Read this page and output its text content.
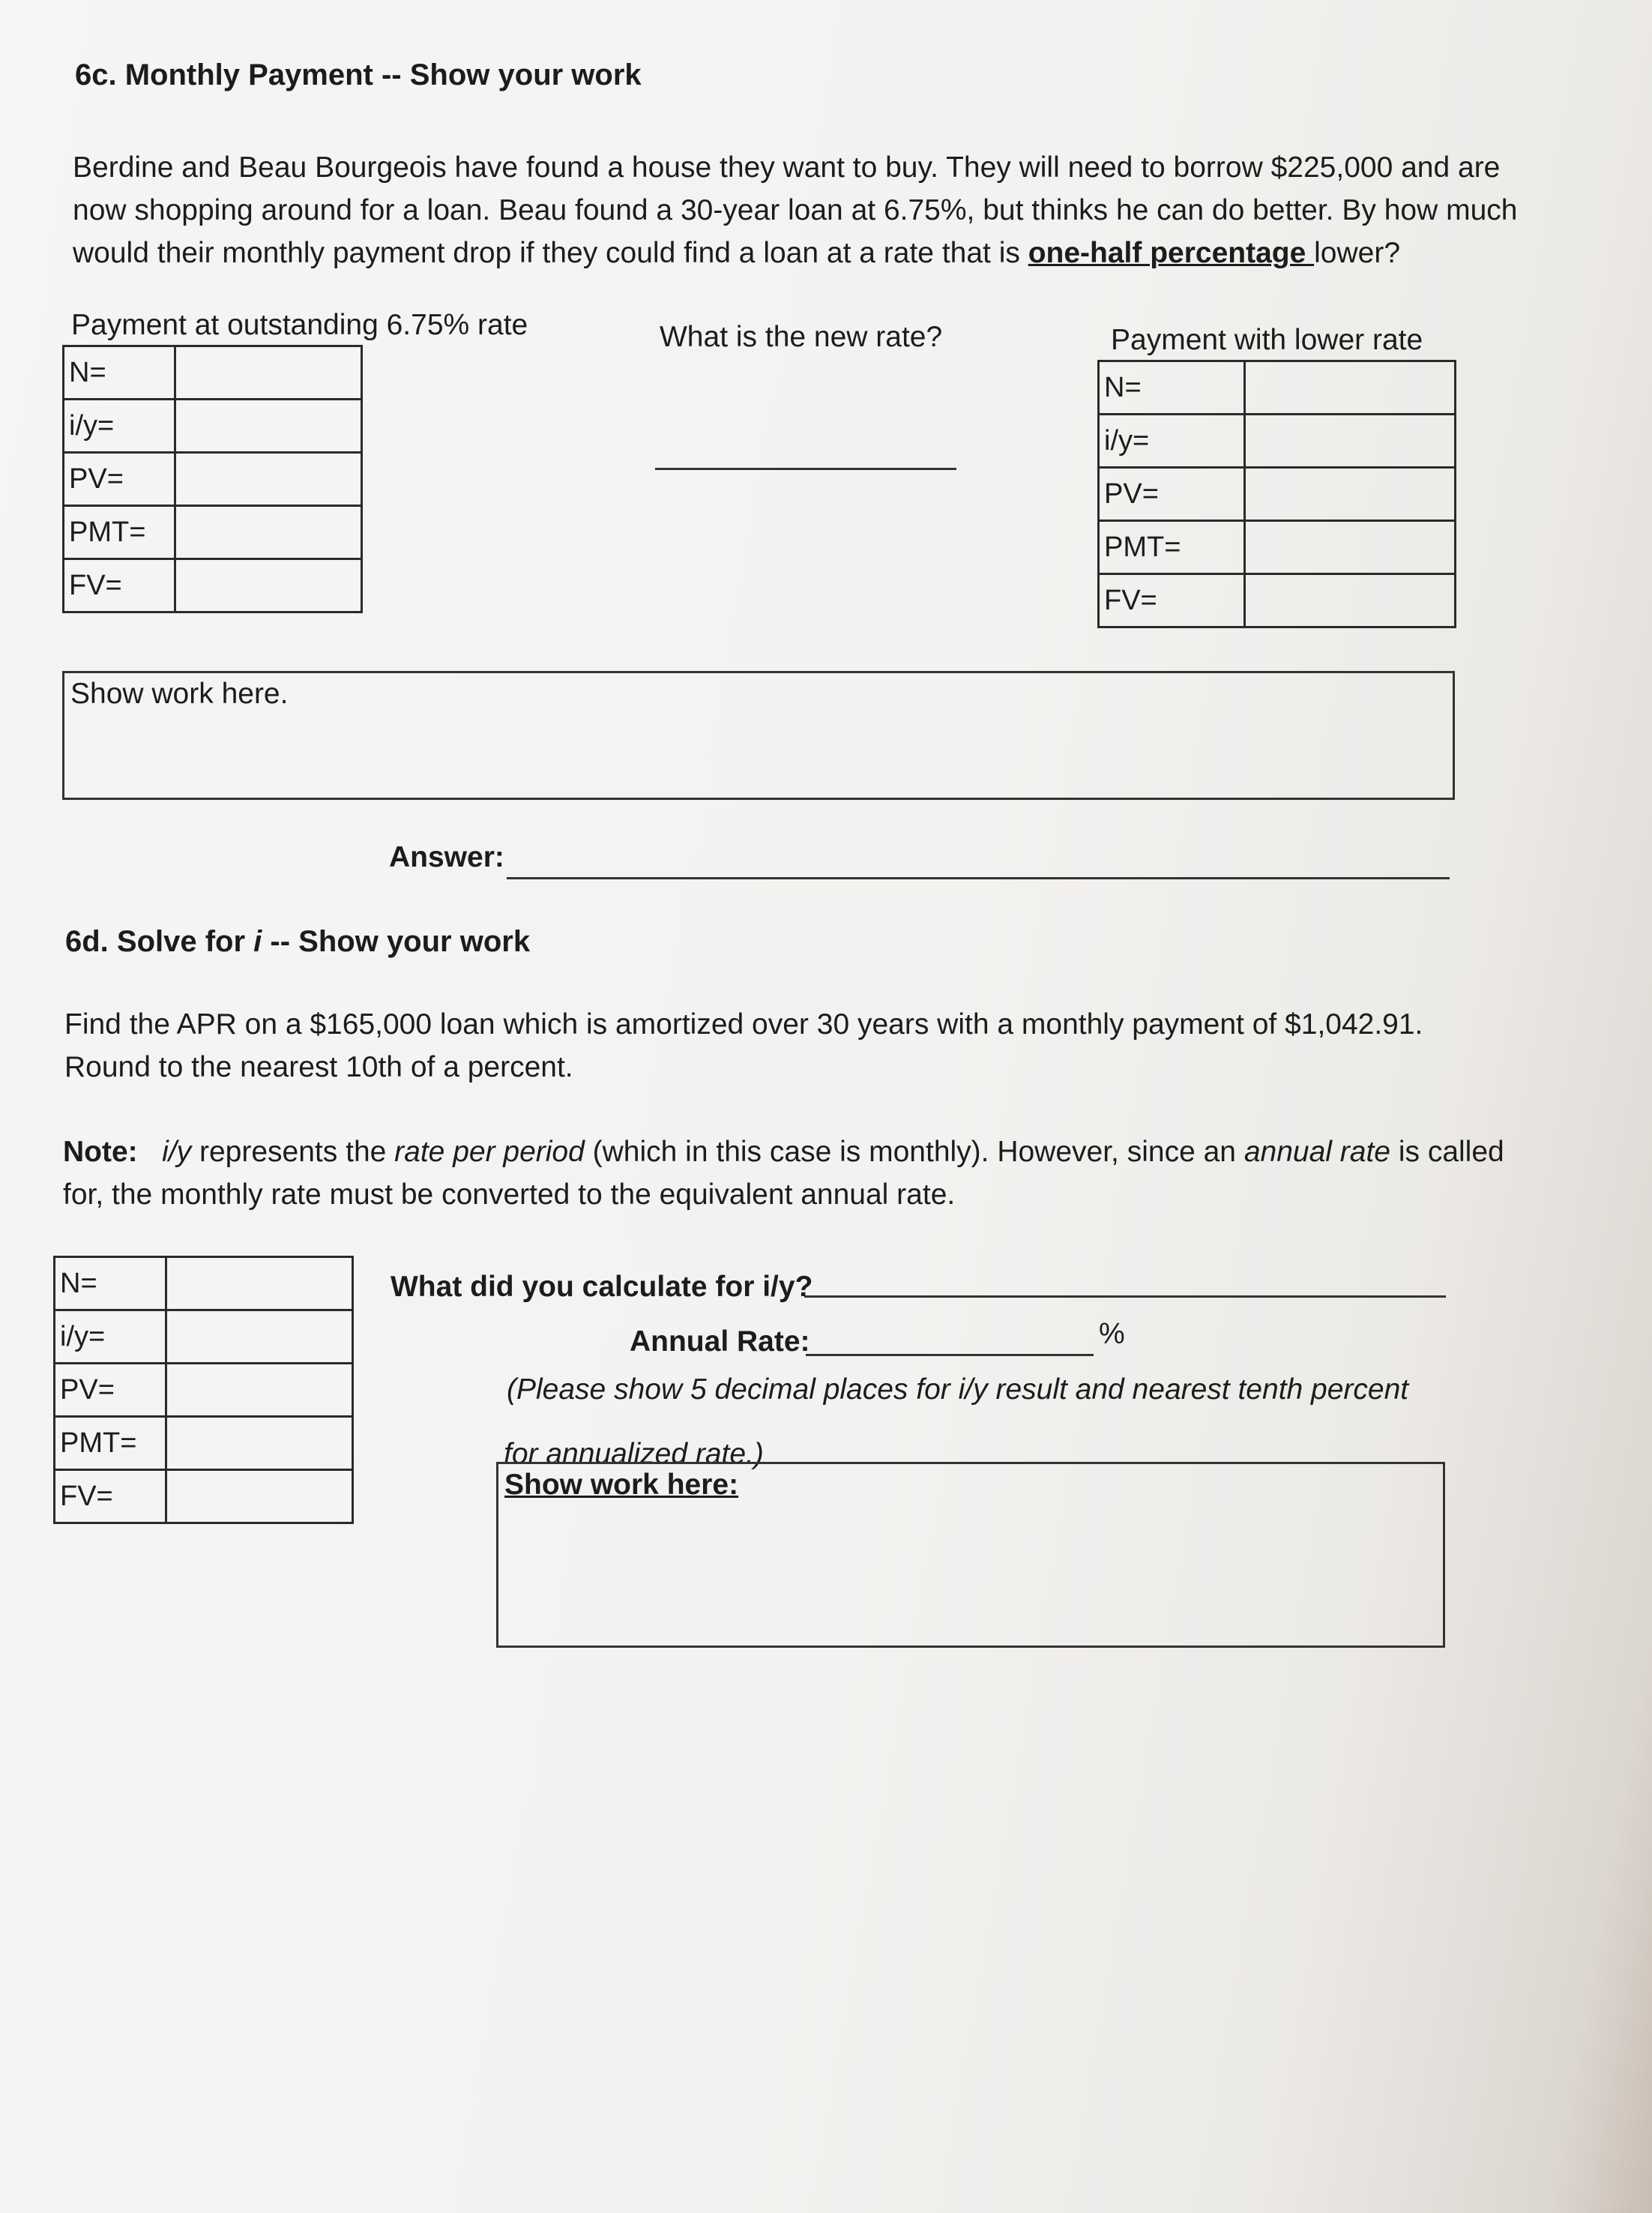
6c. Monthly Payment -- Show your work
Berdine and Beau Bourgeois have found a house they want to buy. They will need to borrow $225,000 and are
now shopping around for a loan. Beau found a 30-year loan at 6.75%, but thinks he can do better. By how much
would their monthly payment drop if they could find a loan at a rate that is one-half percentage lower?
Payment at outstanding 6.75% rate	What is the new rate?	Payment with lower rate
N=	
i/y=	
PV=	
PMT=	
FV=	
N=	
i/y=	
PV=	
PMT=	
FV=	
Show work here.
Answer:
6d. Solve for i -- Show your work
Find the APR on a $165,000 loan which is amortized over 30 years with a monthly payment of $1,042.91.
Round to the nearest 10th of a percent.
Note: i/y represents the rate per period (which in this case is monthly). However, since an annual rate is called
for, the monthly rate must be converted to the equivalent annual rate.
N=	
i/y=	
PV=	
PMT=	
FV=	
What did you calculate for i/y?
Annual Rate:	%
(Please show 5 decimal places for i/y result and nearest tenth percent
for annualized rate.)
Show work here:
